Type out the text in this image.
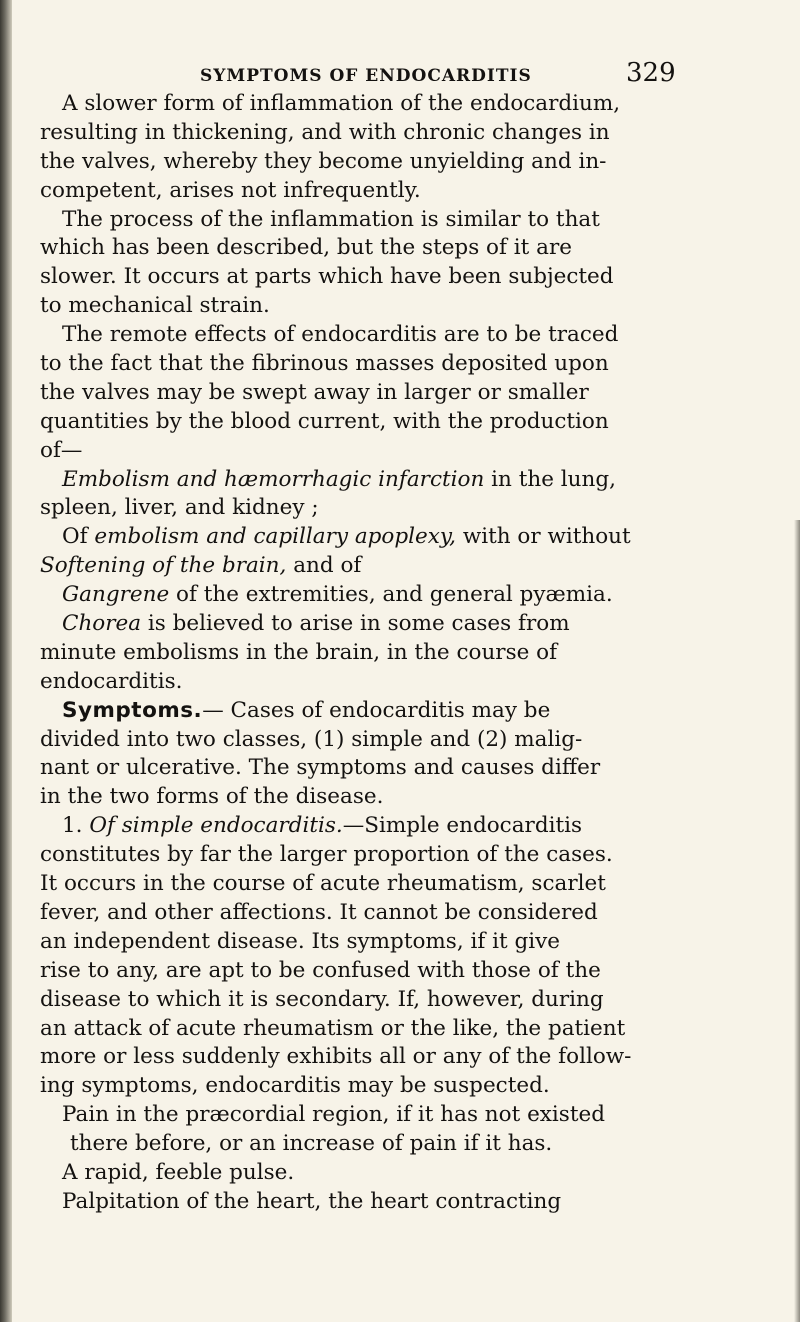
SYMPTOMS OF ENDOCARDITIS	329
A slower form of inflammation of the endocardium,
resulting in thickening, and with chronic changes in
the valves, whereby they become unyielding and in-
competent, arises not infrequently.
The process of the inflammation is similar to that
which has been described, but the steps of it are
slower. It occurs at parts which have been subjected
to mechanical strain.
The remote effects of endocarditis are to be traced
to the fact that the fibrinous masses deposited upon
the valves may be swept away in larger or smaller
quantities by the blood current, with the production
of—
Embolism and hæmorrhagic infarction in the lung,
spleen, liver, and kidney ;
Of embolism and capillary apoplexy, with or without
Softening of the brain, and of
Gangrene of the extremities, and general pyæmia.
Chorea is believed to arise in some cases from
minute embolisms in the brain, in the course of
endocarditis.
Symptoms.— Cases of endocarditis may be
divided into two classes, (1) simple and (2) malig-
nant or ulcerative. The symptoms and causes differ
in the two forms of the disease.
1. Of simple endocarditis.—Simple endocarditis
constitutes by far the larger proportion of the cases.
It occurs in the course of acute rheumatism, scarlet
fever, and other affections. It cannot be considered
an independent disease. Its symptoms, if it give
rise to any, are apt to be confused with those of the
disease to which it is secondary. If, however, during
an attack of acute rheumatism or the like, the patient
more or less suddenly exhibits all or any of the follow-
ing symptoms, endocarditis may be suspected.
Pain in the præcordial region, if it has not existed
there before, or an increase of pain if it has.
A rapid, feeble pulse.
Palpitation of the heart, the heart contracting
